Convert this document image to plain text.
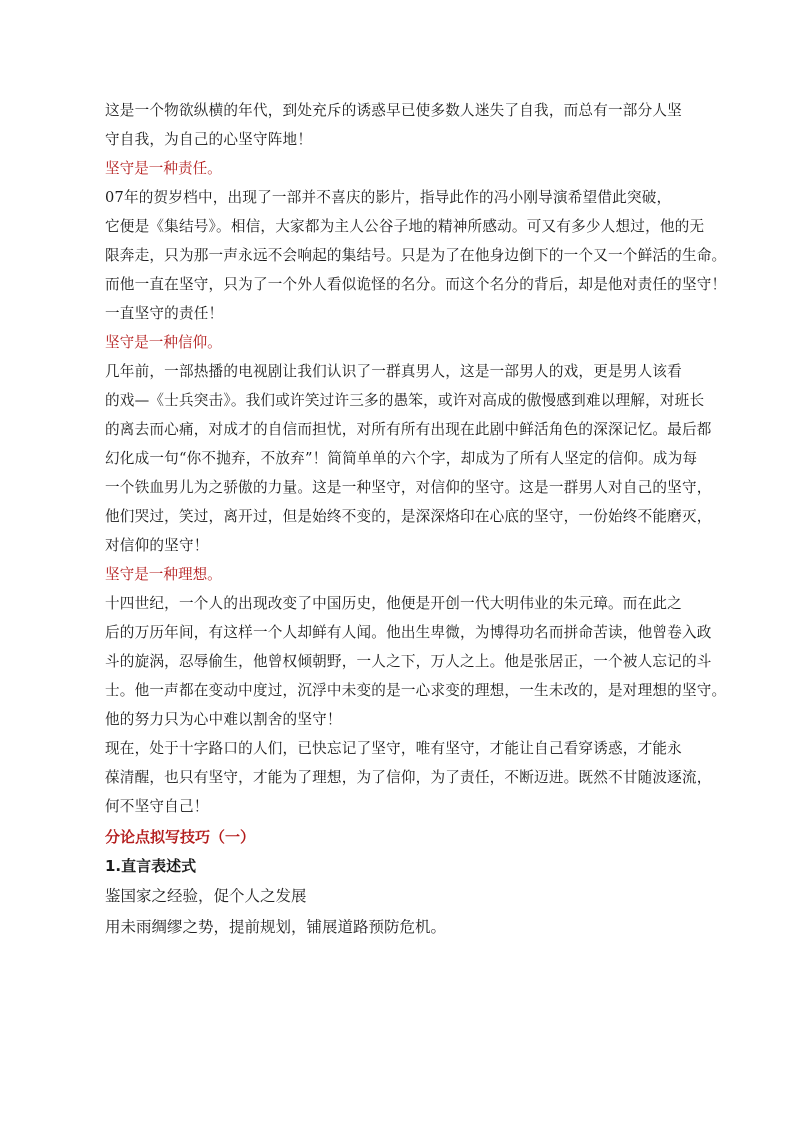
这是一个物欲纵横的年代，到处充斥的诱惑早已使多数人迷失了自我，而总有一部分人坚
守自我，为自己的心坚守阵地！

坚守是一种责任。

07年的贺岁档中，出现了一部并不喜庆的影片，指导此作的冯小刚导演希望借此突破，
它便是《集结号》。相信，大家都为主人公谷子地的精神所感动。可又有多少人想过，他的无
限奔走，只为那一声永远不会响起的集结号。只是为了在他身边倒下的一个又一个鲜活的生命。
而他一直在坚守，只为了一个外人看似诡怪的名分。而这个名分的背后，却是他对责任的坚守！
一直坚守的责任！

坚守是一种信仰。

几年前，一部热播的电视剧让我们认识了一群真男人，这是一部男人的戏，更是男人该看
的戏—《士兵突击》。我们或许笑过许三多的愚笨，或许对高成的傲慢感到难以理解，对班长
的离去而心痛，对成才的自信而担忧，对所有所有出现在此剧中鲜活角色的深深记忆。最后都
幻化成一句“你不抛弃，不放弃”！简简单单的六个字，却成为了所有人坚定的信仰。成为每
一个铁血男儿为之骄傲的力量。这是一种坚守，对信仰的坚守。这是一群男人对自己的坚守，
他们哭过，笑过，离开过，但是始终不变的，是深深烙印在心底的坚守，一份始终不能磨灭，
对信仰的坚守！

坚守是一种理想。

十四世纪，一个人的出现改变了中国历史，他便是开创一代大明伟业的朱元璋。而在此之
后的万历年间，有这样一个人却鲜有人闻。他出生卑微，为博得功名而拼命苦读，他曾卷入政
斗的旋涡，忍辱偷生，他曾权倾朝野，一人之下，万人之上。他是张居正，一个被人忘记的斗
士。他一声都在变动中度过，沉浮中未变的是一心求变的理想，一生未改的，是对理想的坚守。
他的努力只为心中难以割舍的坚守！

现在，处于十字路口的人们，已快忘记了坚守，唯有坚守，才能让自己看穿诱惑，才能永
葆清醒，也只有坚守，才能为了理想，为了信仰，为了责任，不断迈进。既然不甘随波逐流，
何不坚守自己！

分论点拟写技巧（一）

1.直言表述式

鉴国家之经验，促个人之发展

用未雨绸缪之势，提前规划，铺展道路预防危机。
